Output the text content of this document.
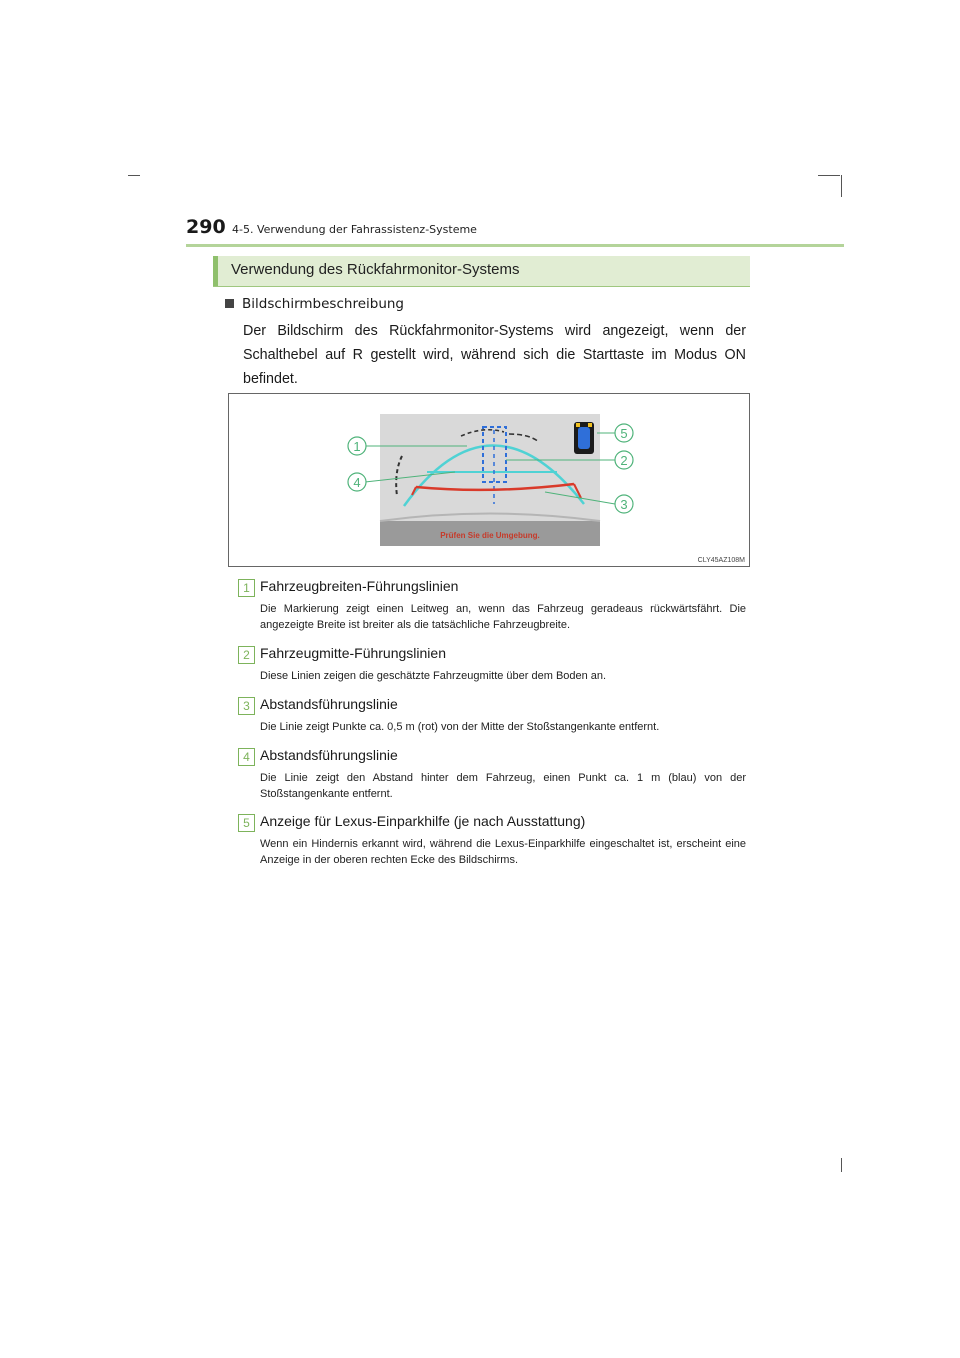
290 4-5. Verwendung der Fahrassistenz-Systeme
Verwendung des Rückfahrmonitor-Systems
Bildschirmbeschreibung
Der Bildschirm des Rückfahrmonitor-Systems wird angezeigt, wenn der Schalthebel auf R gestellt wird, während sich die Starttaste im Modus ON befindet.
Prüfen Sie die Umgebung.
1
2
3
4
5
CLY45AZ108M
1 Fahrzeugbreiten-Führungslinien
Die Markierung zeigt einen Leitweg an, wenn das Fahrzeug geradeaus rückwärtsfährt. Die angezeigte Breite ist breiter als die tatsächliche Fahrzeugbreite.
2 Fahrzeugmitte-Führungslinien
Diese Linien zeigen die geschätzte Fahrzeugmitte über dem Boden an.
3 Abstandsführungslinie
Die Linie zeigt Punkte ca. 0,5 m (rot) von der Mitte der Stoßstangenkante entfernt.
4 Abstandsführungslinie
Die Linie zeigt den Abstand hinter dem Fahrzeug, einen Punkt ca. 1 m (blau) von der Stoßstangenkante entfernt.
5 Anzeige für Lexus-Einparkhilfe (je nach Ausstattung)
Wenn ein Hindernis erkannt wird, während die Lexus-Einparkhilfe eingeschaltet ist, erscheint eine Anzeige in der oberen rechten Ecke des Bildschirms.
